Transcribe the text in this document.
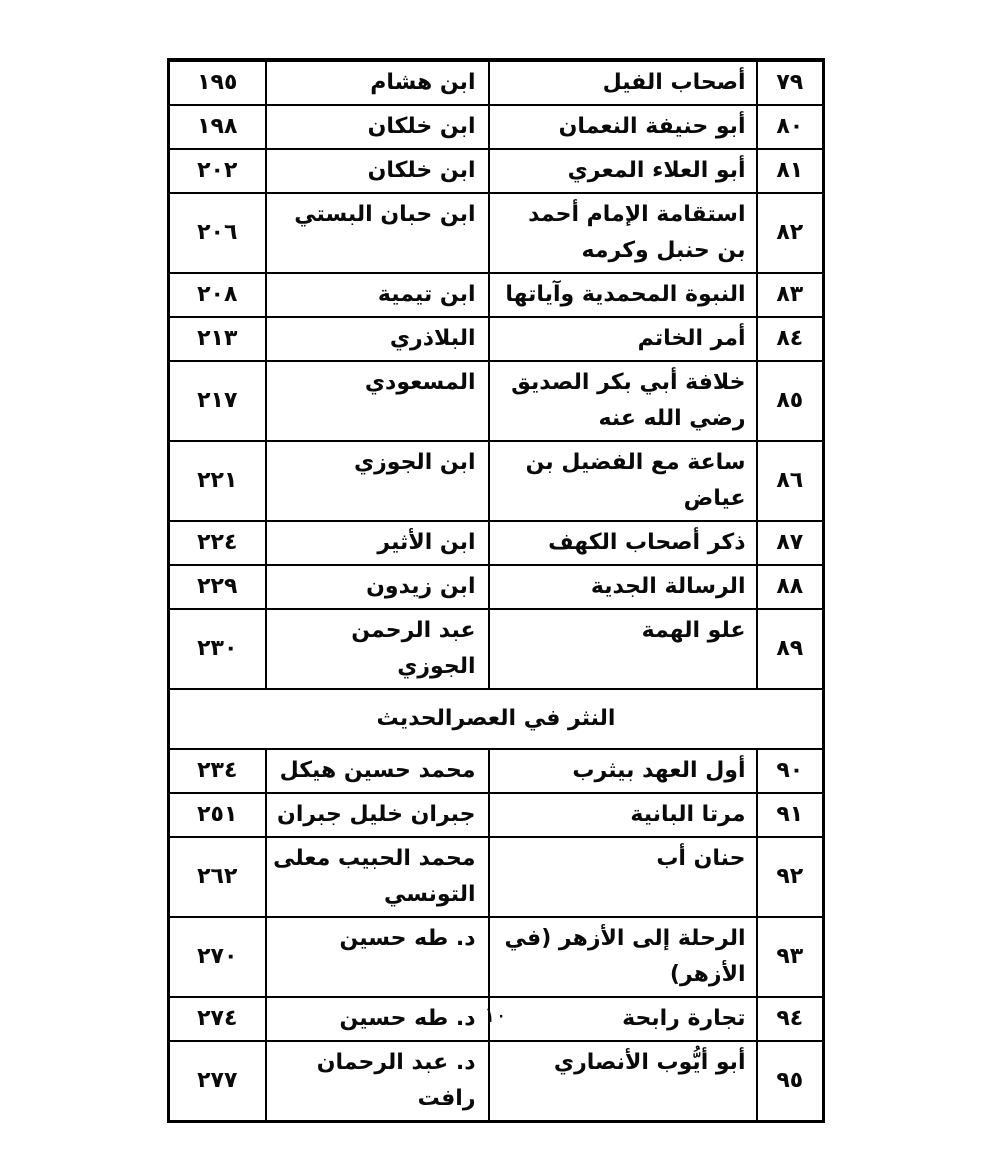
٧٩	أصحاب الفيل	ابن هشام	١٩٥
٨٠	أبو حنيفة النعمان	ابن خلكان	١٩٨
٨١	أبو العلاء المعري	ابن خلكان	٢٠٢
٨٢	استقامة الإمام أحمد بن حنبل وكرمه	ابن حبان البستي	٢٠٦
٨٣	النبوة المحمدية وآياتها	ابن تيمية	٢٠٨
٨٤	أمر الخاتم	البلاذري	٢١٣
٨٥	خلافة أبي بكر الصديق رضي الله عنه	المسعودي	٢١٧
٨٦	ساعة مع الفضيل بن عياض	ابن الجوزي	٢٢١
٨٧	ذكر أصحاب الكهف	ابن الأثير	٢٢٤
٨٨	الرسالة الجدية	ابن زيدون	٢٢٩
٨٩	علو الهمة	عبد الرحمن الجوزي	٢٣٠
النثر في العصرالحديث			
٩٠	أول العهد بيثرب	محمد حسين هيكل	٢٣٤
٩١	مرتا البانية	جبران خليل جبران	٢٥١
٩٢	حنان أب	محمد الحبيب معلى التونسي	٢٦٢
٩٣	الرحلة إلى الأزهر (في الأزهر)	د. طه حسين	٢٧٠
٩٤	تجارة رابحة	د. طه حسين	٢٧٤
٩٥	أبو أيُّوب الأنصاري	د. عبد الرحمان رافت	٢٧٧
١٠
